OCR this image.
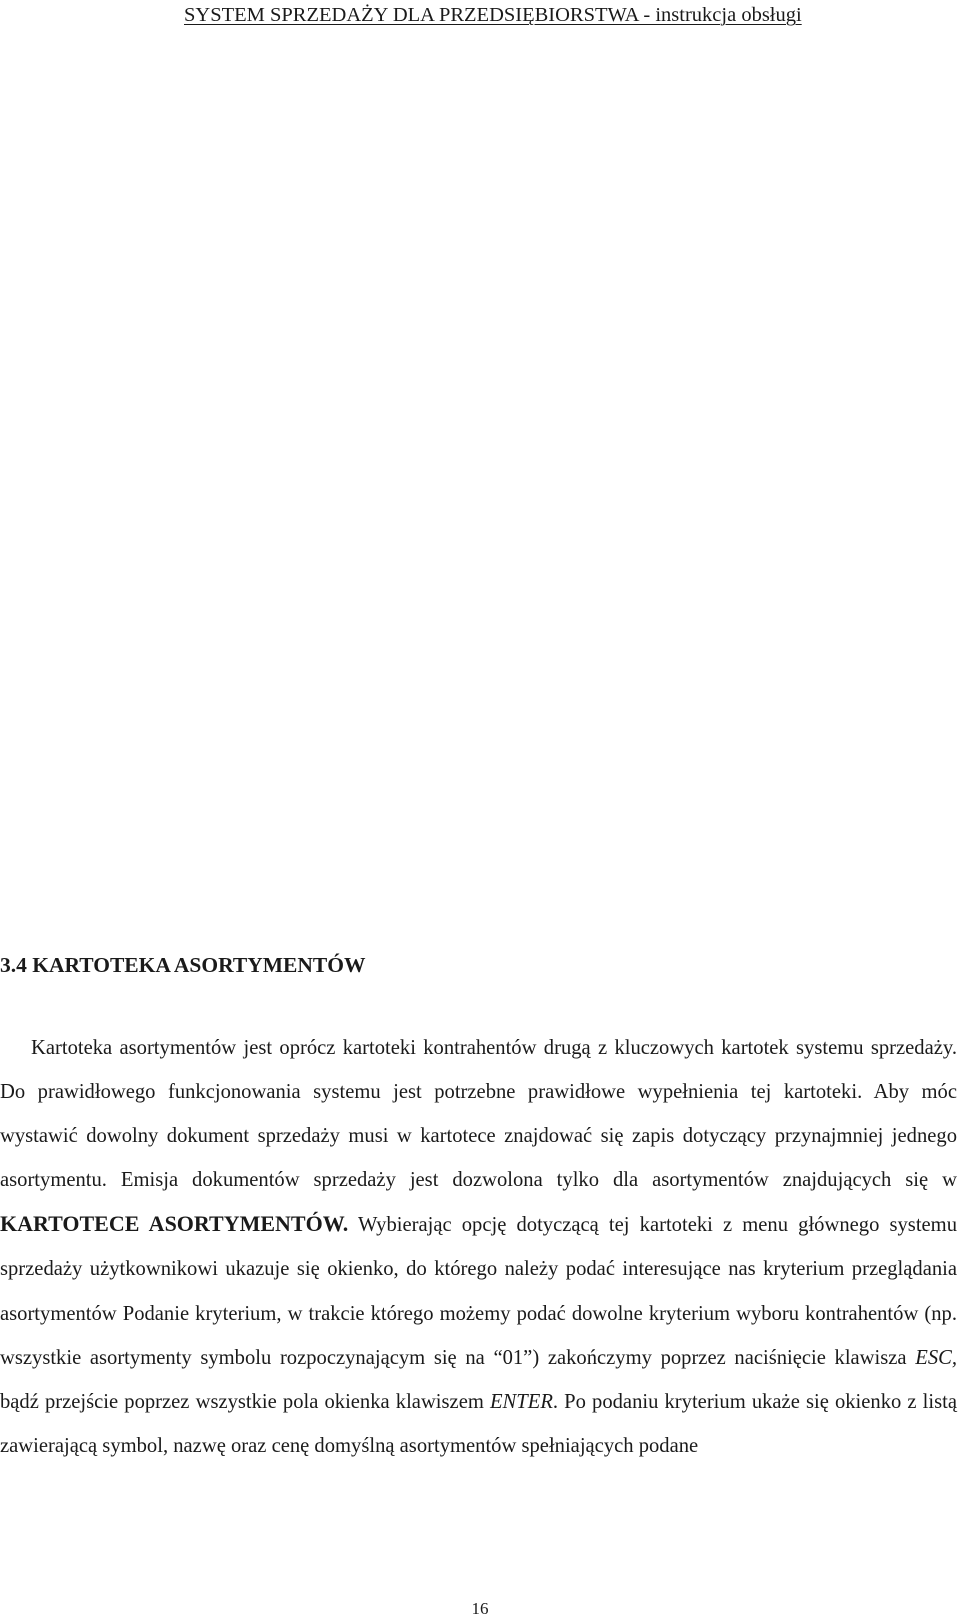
SYSTEM SPRZEDAŻY DLA PRZEDSIĘBIORSTWA - instrukcja obsługi
3.4 KARTOTEKA ASORTYMENTÓW

Kartoteka asortymentów jest oprócz kartoteki kontrahentów drugą z kluczowych kartotek systemu sprzedaży. Do prawidłowego funkcjonowania systemu jest potrzebne prawidłowe wypełnienia tej kartoteki. Aby móc wystawić dowolny dokument sprzedaży musi w kartotece znajdować się zapis dotyczący przynajmniej jednego asortymentu. Emisja dokumentów sprzedaży jest dozwolona tylko dla asortymentów znajdujących się w KARTOTECE ASORTYMENTÓW. Wybierając opcję dotyczącą tej kartoteki z menu głównego systemu sprzedaży użytkownikowi ukazuje się okienko, do którego należy podać interesujące nas kryterium przeglądania asortymentów Podanie kryterium, w trakcie którego możemy podać dowolne kryterium wyboru kontrahentów (np. wszystkie asortymenty symbolu rozpoczynającym się na “01”) zakończymy poprzez naciśnięcie klawisza ESC, bądź przejście poprzez wszystkie pola okienka klawiszem ENTER. Po podaniu kryterium ukaże się okienko z listą zawierającą symbol, nazwę oraz cenę domyślną asortymentów spełniających podane

16
